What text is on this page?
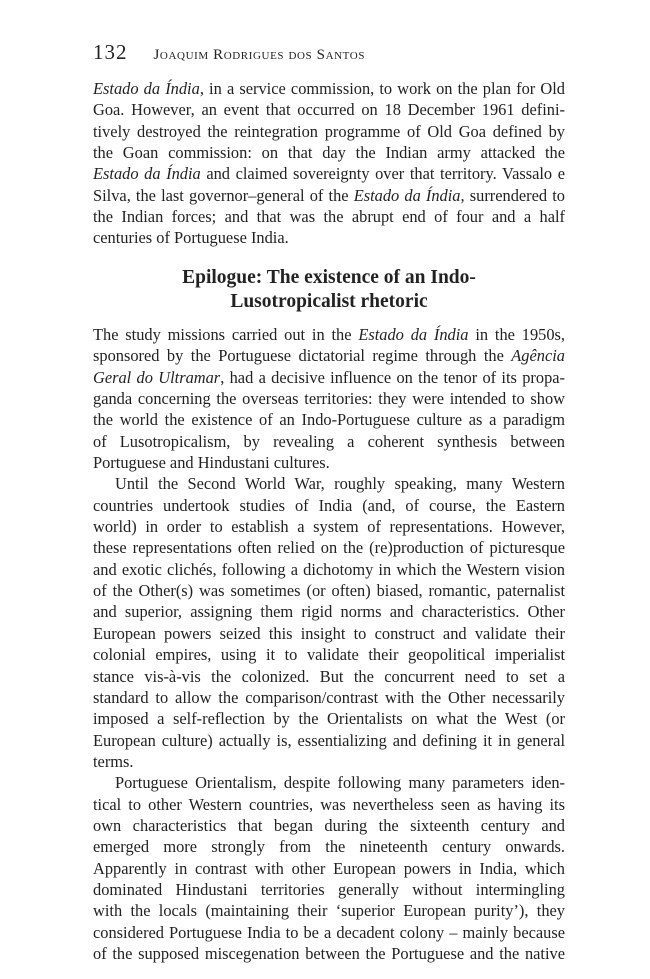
132 Joaquim Rodrigues dos Santos
Estado da Índia, in a service commission, to work on the plan for Old
Goa. However, an event that occurred on 18 December 1961 defini-
tively destroyed the reintegration programme of Old Goa defined by
the Goan commission: on that day the Indian army attacked the
Estado da Índia and claimed sovereignty over that territory. Vassalo e
Silva, the last governor–general of the Estado da Índia, surrendered to
the Indian forces; and that was the abrupt end of four and a half
centuries of Portuguese India.
Epilogue: The existence of an Indo-
Lusotropicalist rhetoric

The study missions carried out in the Estado da Índia in the 1950s,
sponsored by the Portuguese dictatorial regime through the Agência
Geral do Ultramar, had a decisive influence on the tenor of its propa-
ganda concerning the overseas territories: they were intended to show
the world the existence of an Indo-Portuguese culture as a paradigm
of Lusotropicalism, by revealing a coherent synthesis between
Portuguese and Hindustani cultures.

Until the Second World War, roughly speaking, many Western
countries undertook studies of India (and, of course, the Eastern
world) in order to establish a system of representations. However,
these representations often relied on the (re)production of picturesque
and exotic clichés, following a dichotomy in which the Western vision
of the Other(s) was sometimes (or often) biased, romantic, paternalist
and superior, assigning them rigid norms and characteristics. Other
European powers seized this insight to construct and validate their
colonial empires, using it to validate their geopolitical imperialist
stance vis-à-vis the colonized. But the concurrent need to set a
standard to allow the comparison/contrast with the Other necessarily
imposed a self-reflection by the Orientalists on what the West (or
European culture) actually is, essentializing and defining it in general
terms.

Portuguese Orientalism, despite following many parameters iden-
tical to other Western countries, was nevertheless seen as having its
own characteristics that began during the sixteenth century and
emerged more strongly from the nineteenth century onwards.
Apparently in contrast with other European powers in India, which
dominated Hindustani territories generally without intermingling
with the locals (maintaining their ‘superior European purity’), they
considered Portuguese India to be a decadent colony – mainly because
of the supposed miscegenation between the Portuguese and the native
